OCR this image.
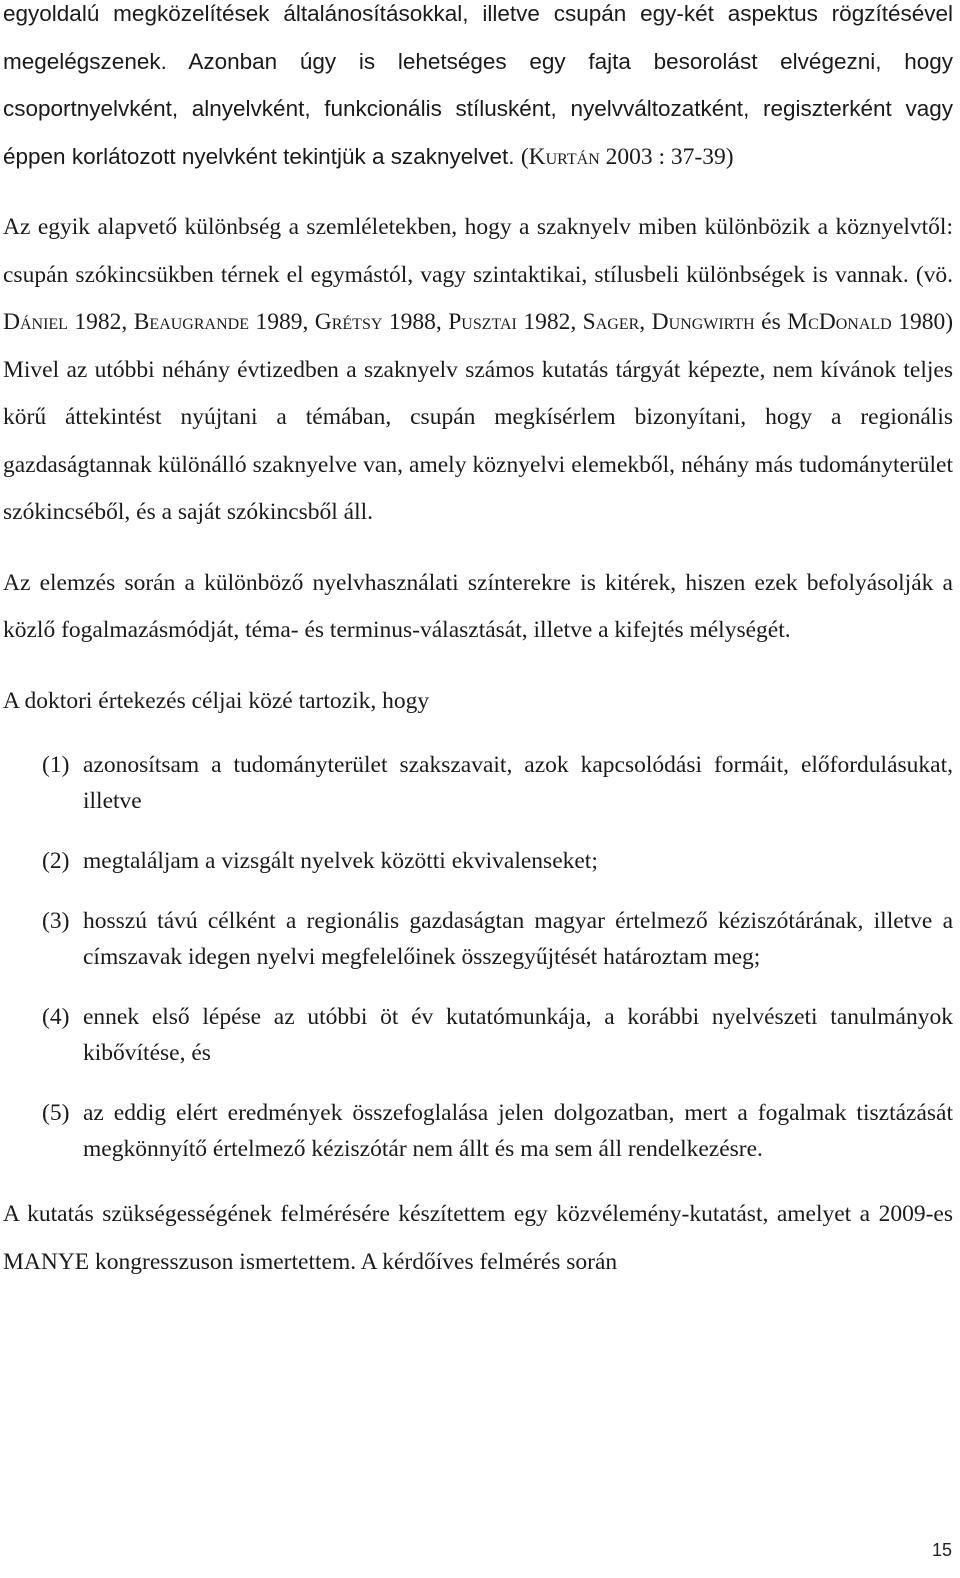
egyoldalú megközelítések általánosításokkal, illetve csupán egy-két aspektus rögzítésével megelégszenek. Azonban úgy is lehetséges egy fajta besorolást elvégezni, hogy csoportnyelvként, alnyelvként, funkcionális stílusként, nyelvváltozatként, regiszterként vagy éppen korlátozott nyelvként tekintjük a szaknyelvet. (Kurtán 2003 : 37-39)

Az egyik alapvető különbség a szemléletekben, hogy a szaknyelv miben különbözik a köznyelvtől: csupán szókincsükben térnek el egymástól, vagy szintaktikai, stílusbeli különbségek is vannak. (vö. Dániel 1982, Beaugrande 1989, Grétsy 1988, Pusztai 1982, Sager, Dungwirth és McDonald 1980) Mivel az utóbbi néhány évtizedben a szaknyelv számos kutatás tárgyát képezte, nem kívánok teljes körű áttekintést nyújtani a témában, csupán megkísérlem bizonyítani, hogy a regionális gazdaságtannak különálló szaknyelve van, amely köznyelvi elemekből, néhány más tudományterület szókincséből, és a saját szókincsből áll.

Az elemzés során a különböző nyelvhasználati színterekre is kitérek, hiszen ezek befolyásolják a közlő fogalmazásmódját, téma- és terminus-választását, illetve a kifejtés mélységét.

A doktori értekezés céljai közé tartozik, hogy

(1) azonosítsam a tudományterület szakszavait, azok kapcsolódási formáit, előfordulásukat, illetve
(2) megtaláljam a vizsgált nyelvek közötti ekvivalenseket;
(3) hosszú távú célként a regionális gazdaságtan magyar értelmező kéziszótárának, illetve a címszavak idegen nyelvi megfelelőinek összegyűjtését határoztam meg;
(4) ennek első lépése az utóbbi öt év kutatómunkája, a korábbi nyelvészeti tanulmányok kibővítése, és
(5) az eddig elért eredmények összefoglalása jelen dolgozatban, mert a fogalmak tisztázását megkönnyítő értelmező kéziszótár nem állt és ma sem áll rendelkezésre.

A kutatás szükségességének felmérésére készítettem egy közvélemény-kutatást, amelyet a 2009-es MANYE kongresszuson ismertettem. A kérdőíves felmérés során

15
